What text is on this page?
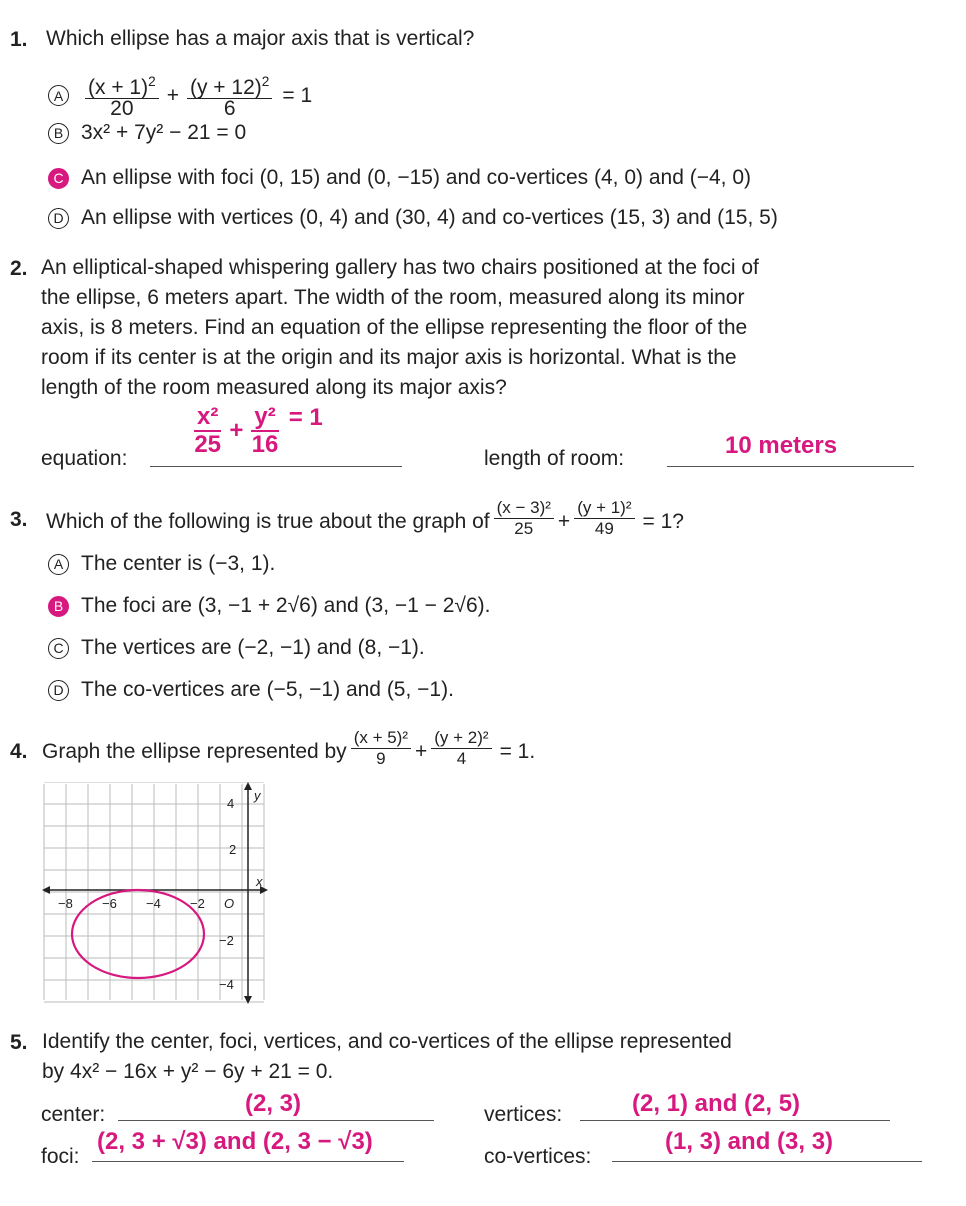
1. Which ellipse has a major axis that is vertical?
A $\frac{(x + 1)^2}{20} + \frac{(y + 12)^2}{6} = 1$
B 3x² + 7y² − 21 = 0
C An ellipse with foci (0, 15) and (0, −15) and co-vertices (4, 0) and (−4, 0)
D An ellipse with vertices (0, 4) and (30, 4) and co-vertices (15, 3) and (15, 5)
2. An elliptical-shaped whispering gallery has two chairs positioned at the foci of
the ellipse, 6 meters apart. The width of the room, measured along its minor
axis, is 8 meters. Find an equation of the ellipse representing the floor of the
room if its center is at the origin and its major axis is horizontal. What is the
length of the room measured along its major axis?
equation:
$\frac{\text{x²}}{25} + \frac{\text{y²}}{16} = 1$
length of room:	10 meters
3. Which of the following is true about the graph of $\frac{\text{(x − 3)²}}{25} + \frac{\text{(y + 1)²}}{49} = 1$?
A The center is (−3, 1).
B The foci are (3, −1 + 2√6) and (3, −1 − 2√6).
C The vertices are (−2, −1) and (8, −1).
D The co-vertices are (−5, −1) and (5, −1).
4. Graph the ellipse represented by $\frac{\text{(x + 5)²}}{9} + \frac{\text{(y + 2)²}}{4} = 1$.
y
x
4
2
−2
−4
−8 −6 −4 −2 O
5. Identify the center, foci, vertices, and co-vertices of the ellipse represented
by 4x² − 16x + y² − 6y + 21 = 0.
center:	(2, 3)	vertices:	(2, 1) and (2, 5)
foci:
(2, 3 + √3) and (2, 3 − √3)
co-vertices:
(1, 3) and (3, 3)
